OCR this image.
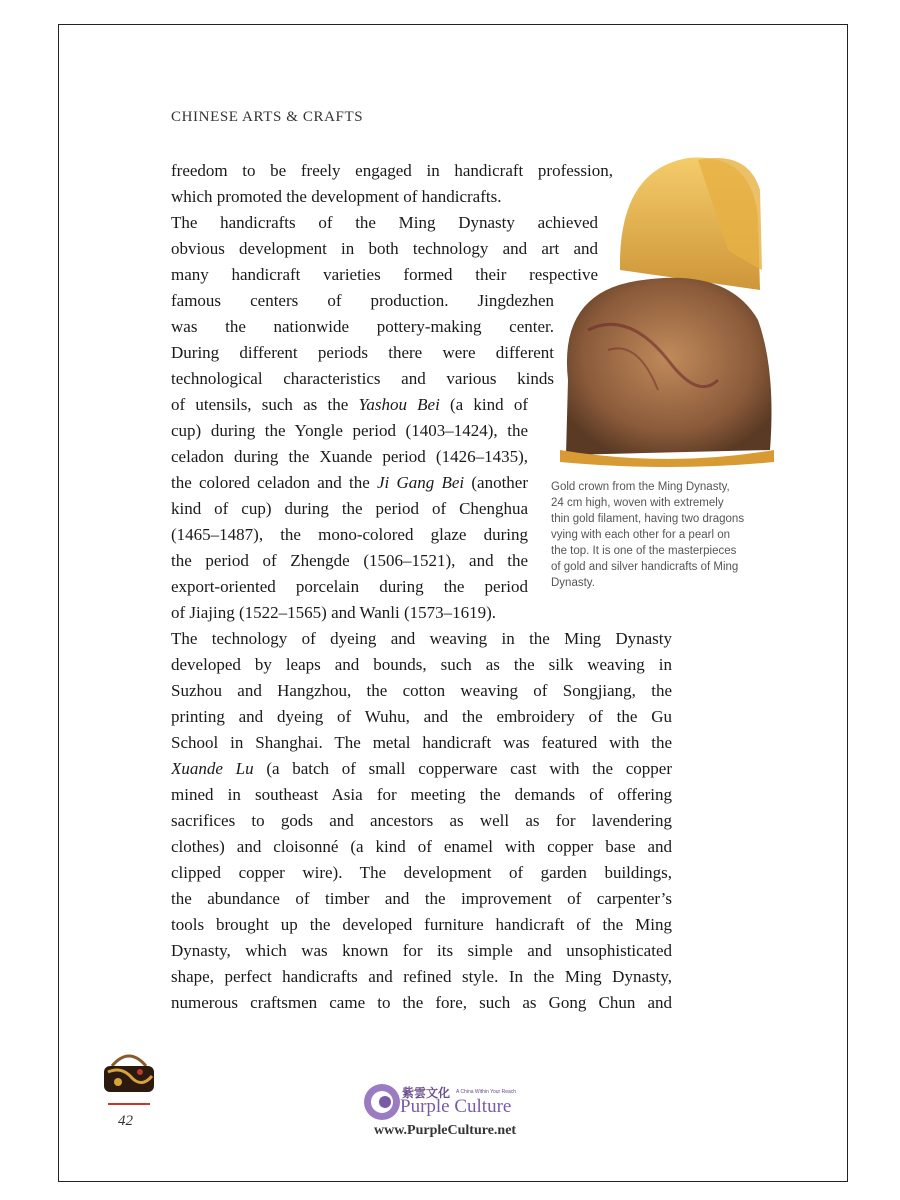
CHINESE ARTS & CRAFTS
freedom to be freely engaged in handicraft profession,
which promoted the development of handicrafts.
The handicrafts of the Ming Dynasty achieved
obvious development in both technology and art and
many handicraft varieties formed their respective
famous centers of production. Jingdezhen
was the nationwide pottery-making center.
During different periods there were different
technological characteristics and various kinds
of utensils, such as the Yashou Bei (a kind of
cup) during the Yongle period (1403–1424), the
celadon during the Xuande period (1426–1435),
the colored celadon and the Ji Gang Bei (another
kind of cup) during the period of Chenghua
(1465–1487), the mono-colored glaze during
the period of Zhengde (1506–1521), and the
export-oriented porcelain during the period
of Jiajing (1522–1565) and Wanli (1573–1619).
The technology of dyeing and weaving in the Ming Dynasty
developed by leaps and bounds, such as the silk weaving in
Suzhou and Hangzhou, the cotton weaving of Songjiang, the
printing and dyeing of Wuhu, and the embroidery of the Gu
School in Shanghai. The metal handicraft was featured with the
Xuande Lu (a batch of small copperware cast with the copper
mined in southeast Asia for meeting the demands of offering
sacrifices to gods and ancestors as well as for lavendering
clothes) and cloisonné (a kind of enamel with copper base and
clipped copper wire). The development of garden buildings,
the abundance of timber and the improvement of carpenter’s
tools brought up the developed furniture handicraft of the Ming
Dynasty, which was known for its simple and unsophisticated
shape, perfect handicrafts and refined style. In the Ming Dynasty,
numerous craftsmen came to the fore, such as Gong Chun and
Gold crown from the Ming Dynasty,
24 cm high, woven with extremely
thin gold filament, having two dragons
vying with each other for a pearl on
the top. It is one of the masterpieces
of gold and silver handicrafts of Ming
Dynasty.
42
紫雲文化 A China Within Your Reach
Purple Culture
www.PurpleCulture.net
